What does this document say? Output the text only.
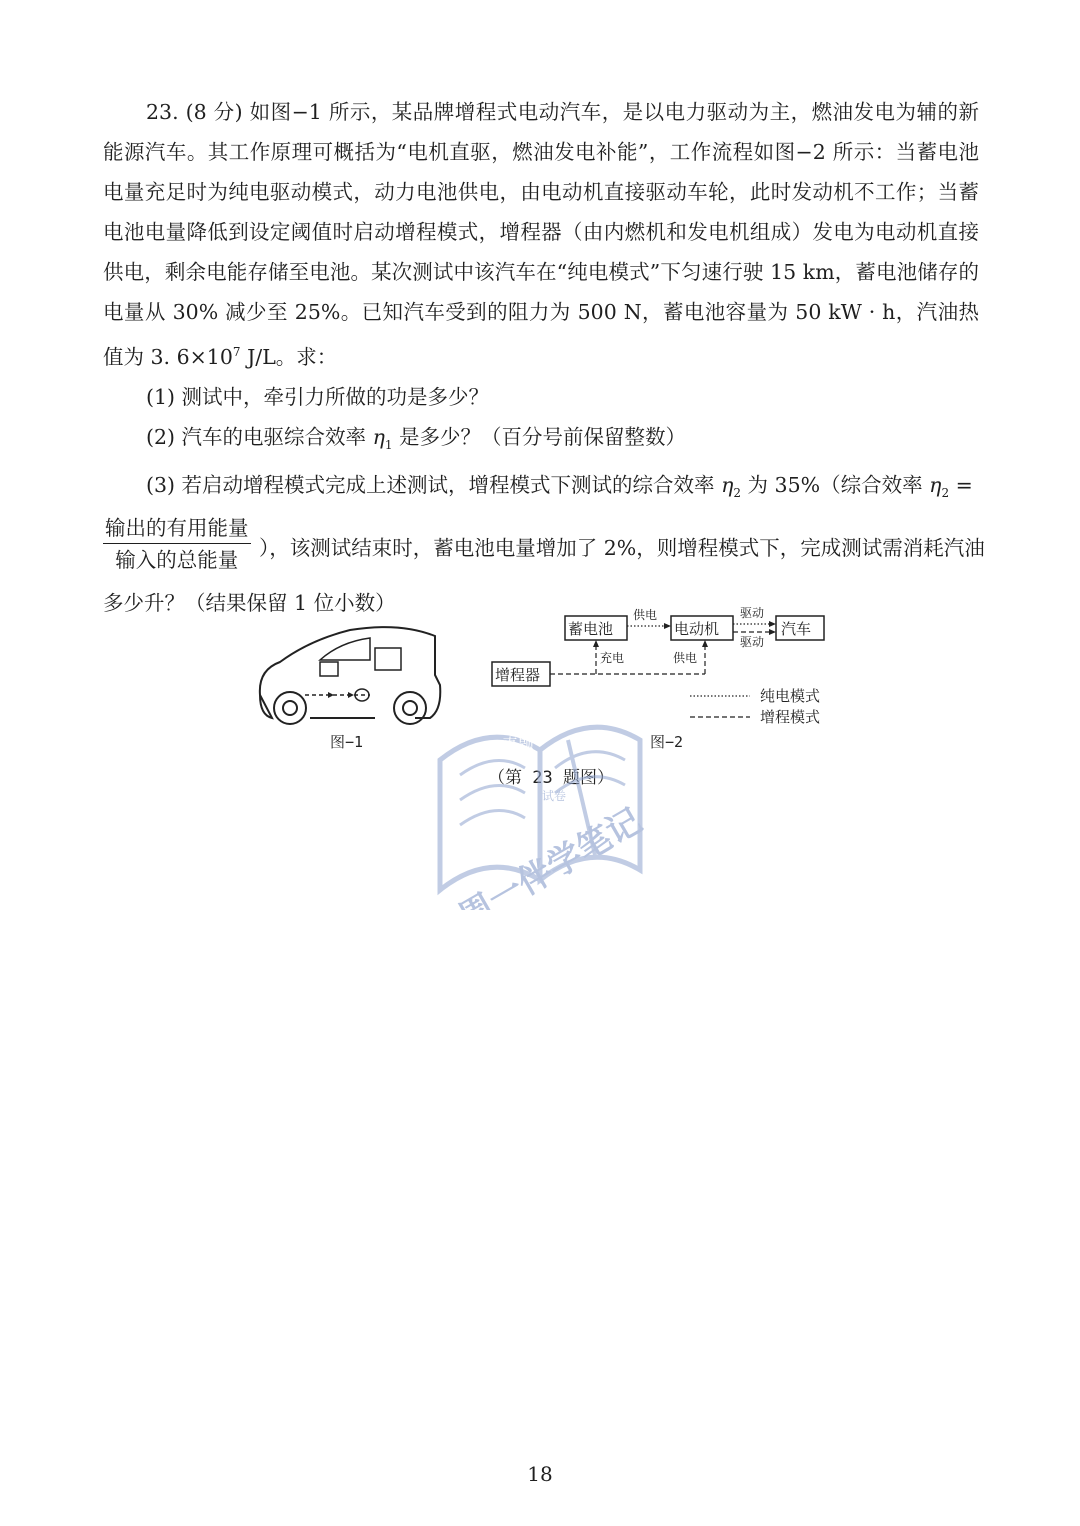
23. (8 分) 如图−1 所示，某品牌增程式电动汽车，是以电力驱动为主，燃油发电为辅的新能源汽车。其工作原理可概括为“电机直驱，燃油发电补能”，工作流程如图−2 所示：当蓄电池电量充足时为纯电驱动模式，动力电池供电，由电动机直接驱动车轮，此时发动机不工作；当蓄电池电量降低到设定阈值时启动增程模式，增程器（由内燃机和发电机组成）发电为电动机直接供电，剩余电能存储至电池。某次测试中该汽车在“纯电模式”下匀速行驶 15 km，蓄电池储存的电量从 30% 减少至 25%。已知汽车受到的阻力为 500 N，蓄电池容量为 50 kW · h，汽油热值为 3. $6\times 10^7$ J/L。求：

(1) 测试中，牵引力所做的功是多少？

(2) 汽车的电驱综合效率 $\eta_1$ 是多少？（百分号前保留整数）

(3) 若启动增程模式完成上述测试，增程模式下测试的综合效率 $\eta_2$ 为 35%（综合效率 $\eta_2$ =

输出的有用能量
输入的总能量	），该测试结束时，蓄电池电量增加了 2%，则增程模式下，完成测试需消耗汽油

多少升？（结果保留 1 位小数）

图−1
蓄电池	电动机	汽车
增程器
供电	驱动
驱动
充电	供电
纯电模式
增程模式
图−2
（第 23 题图）
周一伴学笔记
真题
试卷
18
